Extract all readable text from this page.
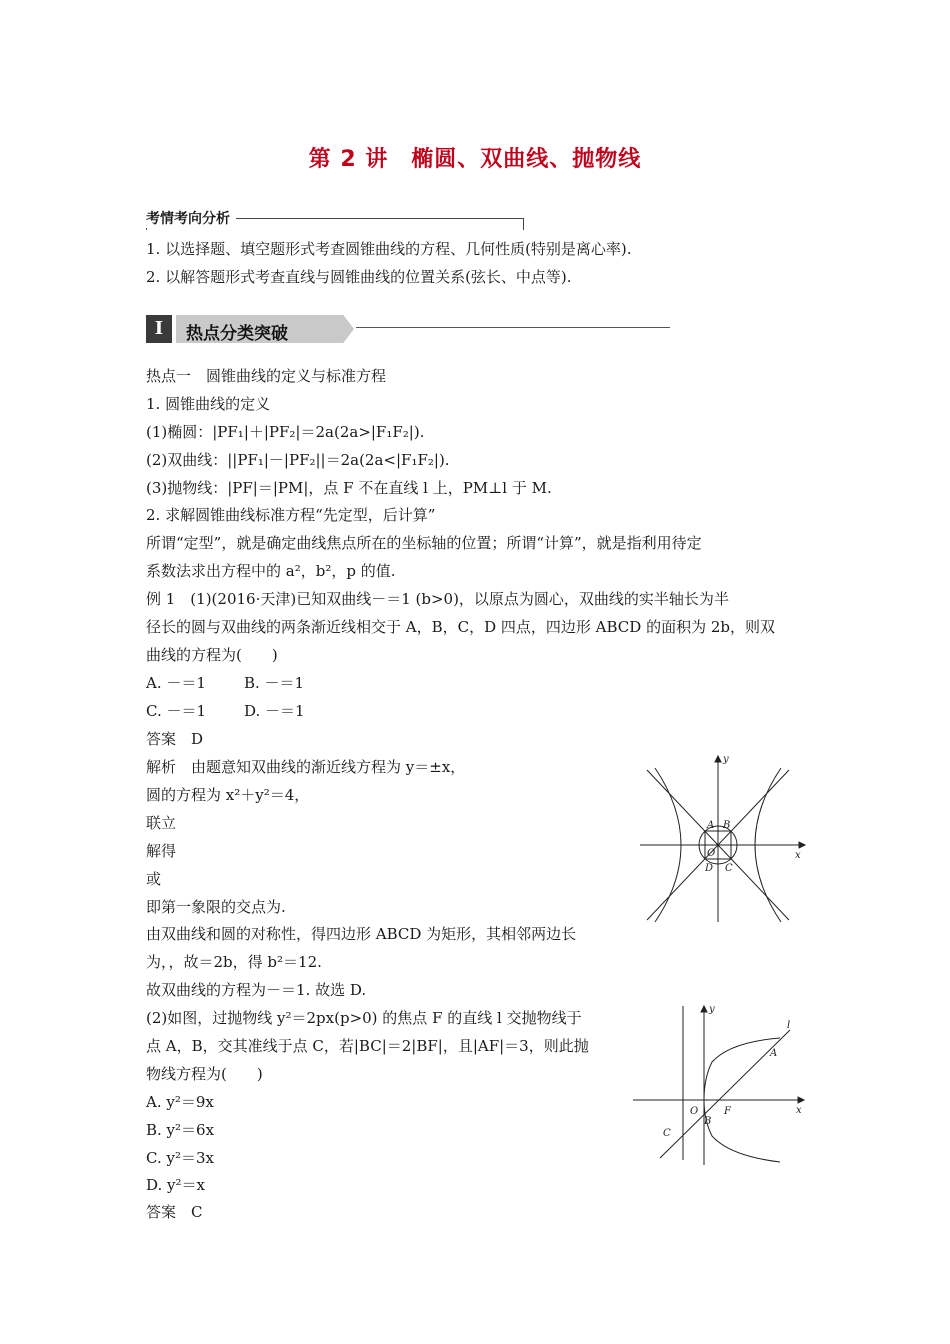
第 2 讲　椭圆、双曲线、抛物线
考情考向分析
1. 以选择题、填空题形式考查圆锥曲线的方程、几何性质(特别是离心率).
2. 以解答题形式考查直线与圆锥曲线的位置关系(弦长、中点等).
I	热点分类突破
热点一　圆锥曲线的定义与标准方程
1. 圆锥曲线的定义
(1)椭圆：|PF₁|＋|PF₂|＝2a(2a>|F₁F₂|).
(2)双曲线：||PF₁|－|PF₂||＝2a(2a<|F₁F₂|).
(3)抛物线：|PF|＝|PM|，点 F 不在直线 l 上，PM⊥l 于 M.
2. 求解圆锥曲线标准方程“先定型，后计算”
所谓“定型”，就是确定曲线焦点所在的坐标轴的位置；所谓“计算”，就是指利用待定
系数法求出方程中的 a²，b²，p 的值.
例 1　(1)(2016·天津)已知双曲线－＝1 (b>0)，以原点为圆心，双曲线的实半轴长为半
径长的圆与双曲线的两条渐近线相交于 A，B，C，D 四点，四边形 ABCD 的面积为 2b，则双
曲线的方程为(　　)
A. －＝1	B. －＝1
C. －＝1	D. －＝1
答案　D
解析　由题意知双曲线的渐近线方程为 y＝±x，
圆的方程为 x²＋y²＝4，
联立
解得
或
即第一象限的交点为.
由双曲线和圆的对称性，得四边形 ABCD 为矩形，其相邻两边长
为，，故＝2b，得 b²＝12.
故双曲线的方程为－＝1. 故选 D.
(2)如图，过抛物线 y²＝2px(p>0) 的焦点 F 的直线 l 交抛物线于
点 A，B，交其准线于点 C，若|BC|＝2|BF|，且|AF|＝3，则此抛
物线方程为(　　)
A. y²＝9x
B. y²＝6x
C. y²＝3x
D. y²＝x
答案　C
y
x
O
A B
C
D
y
x
O	F
l
A
B
C
